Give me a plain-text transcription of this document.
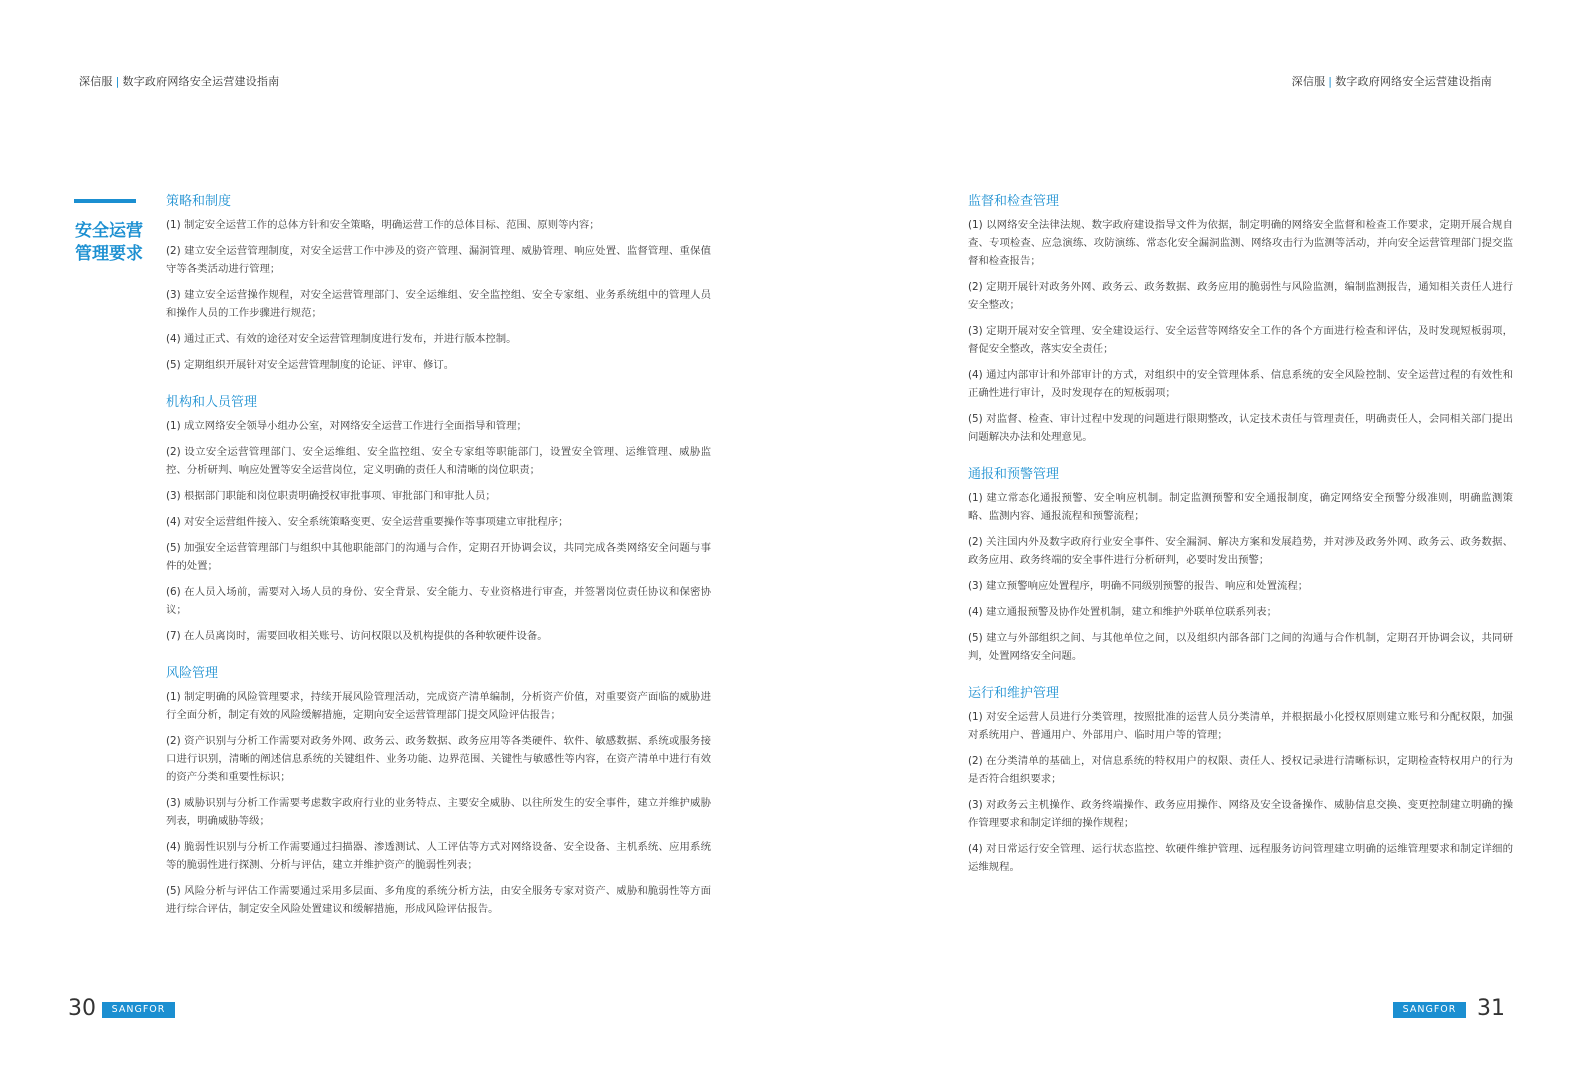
深信服 | 数字政府网络安全运营建设指南	深信服 | 数字政府网络安全运营建设指南
安全运营管理要求
策略和制度
(1) 制定安全运营工作的总体方针和安全策略，明确运营工作的总体目标、范围、原则等内容；
(2) 建立安全运营管理制度，对安全运营工作中涉及的资产管理、漏洞管理、威胁管理、响应处置、监督管理、重保值守等各类活动进行管理；
(3) 建立安全运营操作规程，对安全运营管理部门、安全运维组、安全监控组、安全专家组、业务系统组中的管理人员和操作人员的工作步骤进行规范；
(4) 通过正式、有效的途径对安全运营管理制度进行发布，并进行版本控制。
(5) 定期组织开展针对安全运营管理制度的论证、评审、修订。
机构和人员管理
(1) 成立网络安全领导小组办公室，对网络安全运营工作进行全面指导和管理；
(2) 设立安全运营管理部门、安全运维组、安全监控组、安全专家组等职能部门，设置安全管理、运维管理、威胁监控、分析研判、响应处置等安全运营岗位，定义明确的责任人和清晰的岗位职责；
(3) 根据部门职能和岗位职责明确授权审批事项、审批部门和审批人员；
(4) 对安全运营组件接入、安全系统策略变更、安全运营重要操作等事项建立审批程序；
(5) 加强安全运营管理部门与组织中其他职能部门的沟通与合作，定期召开协调会议，共同完成各类网络安全问题与事件的处置；
(6) 在人员入场前，需要对入场人员的身份、安全背景、安全能力、专业资格进行审查，并签署岗位责任协议和保密协议；
(7) 在人员离岗时，需要回收相关账号、访问权限以及机构提供的各种软硬件设备。
风险管理
(1) 制定明确的风险管理要求，持续开展风险管理活动，完成资产清单编制，分析资产价值，对重要资产面临的威胁进行全面分析，制定有效的风险缓解措施，定期向安全运营管理部门提交风险评估报告；
(2) 资产识别与分析工作需要对政务外网、政务云、政务数据、政务应用等各类硬件、软件、敏感数据、系统或服务接口进行识别，清晰的阐述信息系统的关键组件、业务功能、边界范围、关键性与敏感性等内容，在资产清单中进行有效的资产分类和重要性标识；
(3) 威胁识别与分析工作需要考虑数字政府行业的业务特点、主要安全威胁、以往所发生的安全事件，建立并维护威胁列表，明确威胁等级；
(4) 脆弱性识别与分析工作需要通过扫描器、渗透测试、人工评估等方式对网络设备、安全设备、主机系统、应用系统等的脆弱性进行探测、分析与评估，建立并维护资产的脆弱性列表；
(5) 风险分析与评估工作需要通过采用多层面、多角度的系统分析方法，由安全服务专家对资产、威胁和脆弱性等方面进行综合评估，制定安全风险处置建议和缓解措施，形成风险评估报告。
监督和检查管理
(1) 以网络安全法律法规、数字政府建设指导文件为依据，制定明确的网络安全监督和检查工作要求，定期开展合规自查、专项检查、应急演练、攻防演练、常态化安全漏洞监测、网络攻击行为监测等活动，并向安全运营管理部门提交监督和检查报告；
(2) 定期开展针对政务外网、政务云、政务数据、政务应用的脆弱性与风险监测，编制监测报告，通知相关责任人进行安全整改；
(3) 定期开展对安全管理、安全建设运行、安全运营等网络安全工作的各个方面进行检查和评估，及时发现短板弱项，督促安全整改，落实安全责任；
(4) 通过内部审计和外部审计的方式，对组织中的安全管理体系、信息系统的安全风险控制、安全运营过程的有效性和正确性进行审计，及时发现存在的短板弱项；
(5) 对监督、检查、审计过程中发现的问题进行限期整改，认定技术责任与管理责任，明确责任人，会同相关部门提出问题解决办法和处理意见。
通报和预警管理
(1) 建立常态化通报预警、安全响应机制。制定监测预警和安全通报制度，确定网络安全预警分级准则，明确监测策略、监测内容、通报流程和预警流程；
(2) 关注国内外及数字政府行业安全事件、安全漏洞、解决方案和发展趋势，并对涉及政务外网、政务云、政务数据、政务应用、政务终端的安全事件进行分析研判，必要时发出预警；
(3) 建立预警响应处置程序，明确不同级别预警的报告、响应和处置流程；
(4) 建立通报预警及协作处置机制，建立和维护外联单位联系列表；
(5) 建立与外部组织之间、与其他单位之间，以及组织内部各部门之间的沟通与合作机制，定期召开协调会议，共同研判，处置网络安全问题。
运行和维护管理
(1) 对安全运营人员进行分类管理，按照批准的运营人员分类清单，并根据最小化授权原则建立账号和分配权限，加强对系统用户、普通用户、外部用户、临时用户等的管理；
(2) 在分类清单的基础上，对信息系统的特权用户的权限、责任人、授权记录进行清晰标识，定期检查特权用户的行为是否符合组织要求；
(3) 对政务云主机操作、政务终端操作、政务应用操作、网络及安全设备操作、威胁信息交换、变更控制建立明确的操作管理要求和制定详细的操作规程；
(4) 对日常运行安全管理、运行状态监控、软硬件维护管理、远程服务访问管理建立明确的运维管理要求和制定详细的运维规程。
30	SANGFOR	SANGFOR 31
